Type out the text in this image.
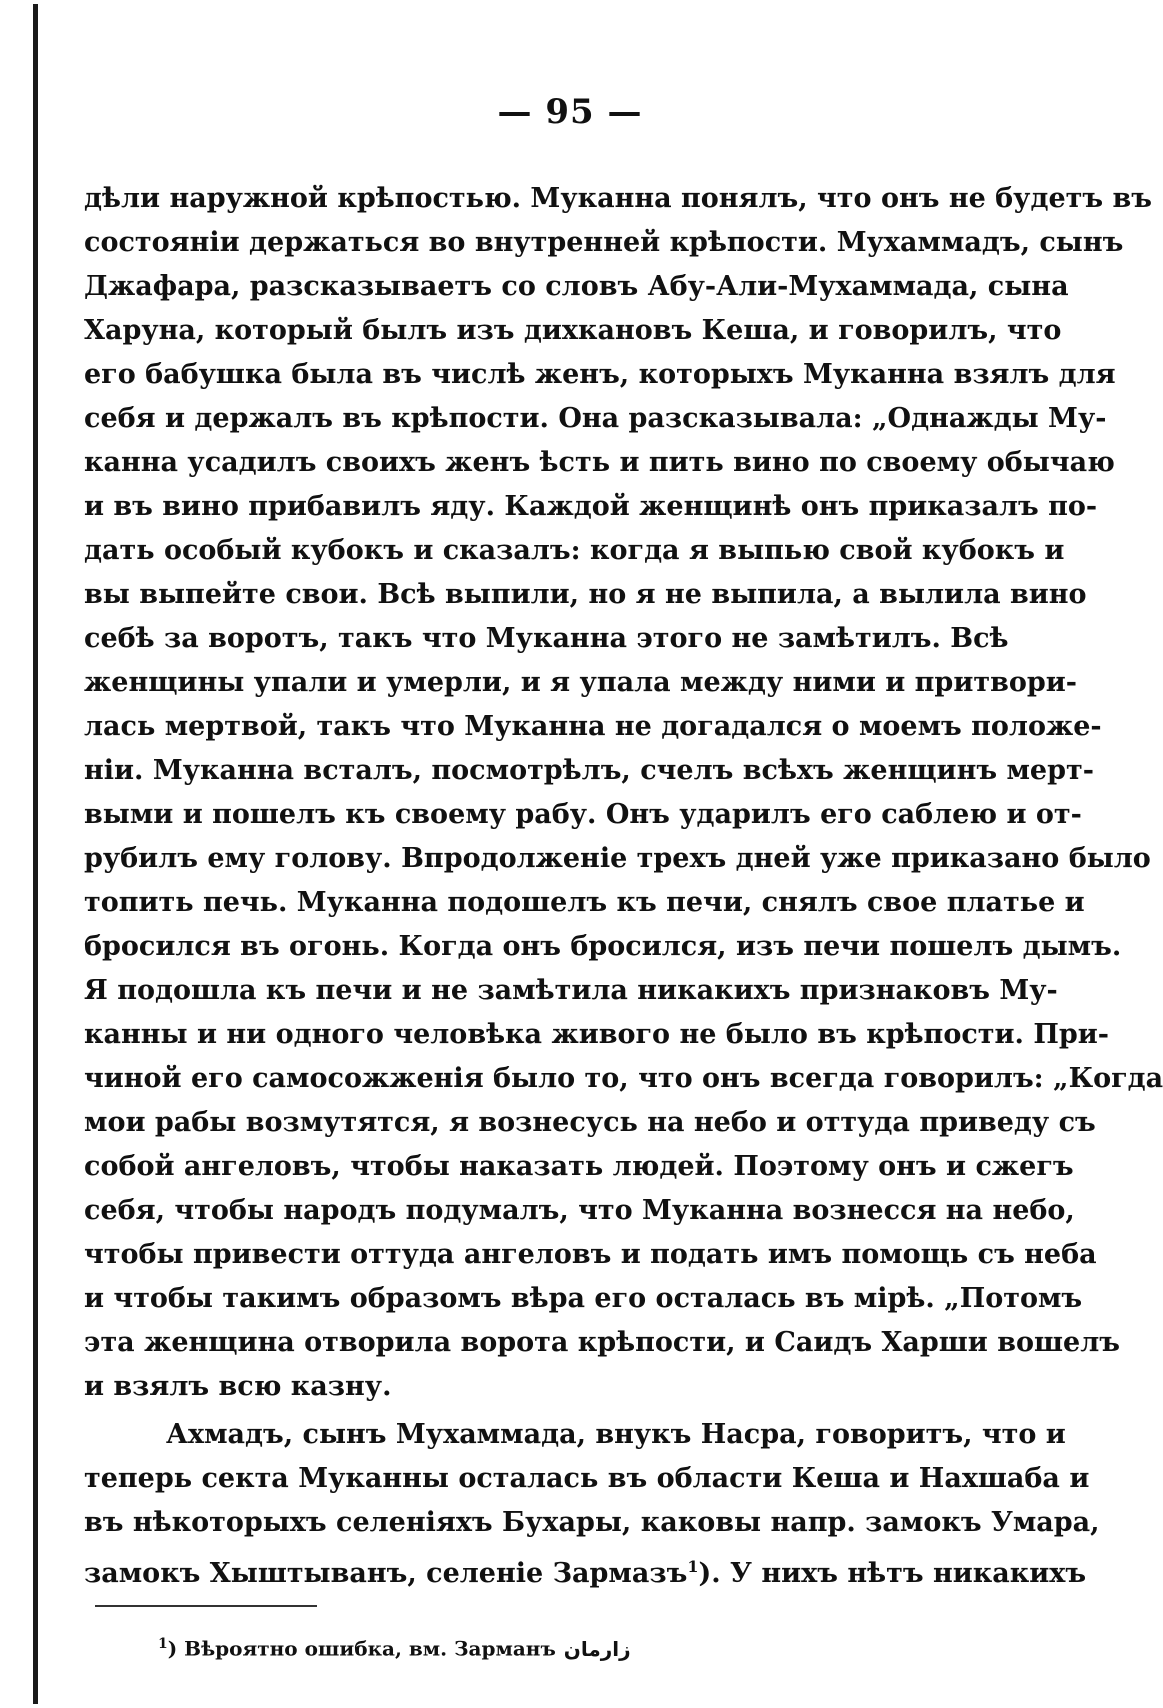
— 95 —
дѣли наружной крѣпостью. Муканна понялъ, что онъ не будетъ въ
состояніи держаться во внутренней крѣпости. Мухаммадъ, сынъ
Джафара, разсказываетъ со словъ Абу-Али-Мухаммада, сына
Харуна, который былъ изъ дихкановъ Кеша, и говорилъ, что
его бабушка была въ числѣ женъ, которыхъ Муканна взялъ для
себя и держалъ въ крѣпости. Она разсказывала: „Однажды Му-
канна усадилъ своихъ женъ ѣсть и пить вино по своему обычаю
и въ вино прибавилъ яду. Каждой женщинѣ онъ приказалъ по-
дать особый кубокъ и сказалъ: когда я выпью свой кубокъ и
вы выпейте свои. Всѣ выпили, но я не выпила, а вылила вино
себѣ за воротъ, такъ что Муканна этого не замѣтилъ. Всѣ
женщины упали и умерли, и я упала между ними и притвори-
лась мертвой, такъ что Муканна не догадался о моемъ положе-
ніи. Муканна всталъ, посмотрѣлъ, счелъ всѣхъ женщинъ мерт-
выми и пошелъ къ своему рабу. Онъ ударилъ его саблею и от-
рубилъ ему голову. Впродолженіе трехъ дней уже приказано было
топить печь. Муканна подошелъ къ печи, снялъ свое платье и
бросился въ огонь. Когда онъ бросился, изъ печи пошелъ дымъ.
Я подошла къ печи и не замѣтила никакихъ признаковъ Му-
канны и ни одного человѣка живого не было въ крѣпости. При-
чиной его самосожженія было то, что онъ всегда говорилъ: „Когда
мои рабы возмутятся, я вознесусь на небо и оттуда приведу съ
собой ангеловъ, чтобы наказать людей. Поэтому онъ и сжегъ
себя, чтобы народъ подумалъ, что Муканна вознесся на небо,
чтобы привести оттуда ангеловъ и подать имъ помощь съ неба
и чтобы такимъ образомъ вѣра его осталась въ мірѣ. „Потомъ
эта женщина отворила ворота крѣпости, и Саидъ Харши вошелъ
и взялъ всю казну.
Ахмадъ, сынъ Мухаммада, внукъ Насра, говоритъ, что и
теперь секта Муканны осталась въ области Кеша и Нахшаба и
въ нѣкоторыхъ селеніяхъ Бухары, каковы напр. замокъ Умара,
замокъ Хыштыванъ, селеніе Зармазъ$^1$). У нихъ нѣтъ никакихъ
$^1$) Вѣроятно ошибка, вм. Зарманъ زارمان
